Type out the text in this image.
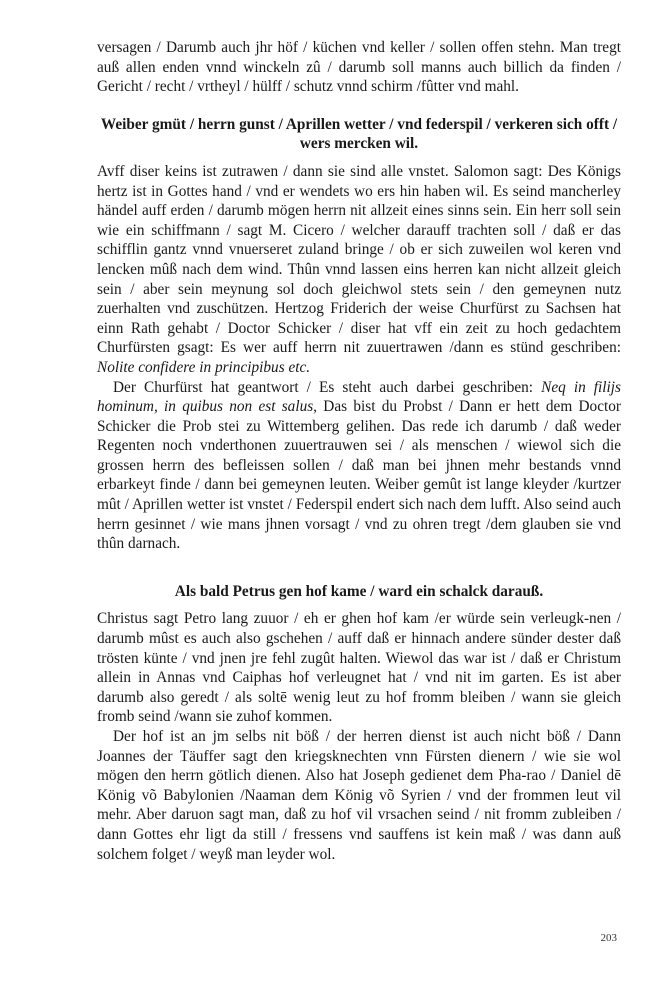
versagen / Darumb auch jhr höf / küchen vnd keller / sollen offen stehn. Man tregt auß allen enden vnnd winckeln zû / darumb soll manns auch billich da finden / Gericht / recht / vrtheyl / hülff / schutz vnnd schirm /fûtter vnd mahl.

Weiber gmüt / herrn gunst / Aprillen wetter / vnd federspil / verkeren sich offt / wers mercken wil.

Avff diser keins ist zutrawen / dann sie sind alle vnstet. Salomon sagt: Des Königs hertz ist in Gottes hand / vnd er wendets wo ers hin haben wil. Es seind mancherley händel auff erden / darumb mögen herrn nit allzeit eines sinns sein. Ein herr soll sein wie ein schiffmann / sagt M. Cicero / welcher darauff trachten soll / daß er das schifflin gantz vnnd vnuerseret zuland bringe / ob er sich zuweilen wol keren vnd lencken mûß nach dem wind. Thûn vnnd lassen eins herren kan nicht allzeit gleich sein / aber sein meynung sol doch gleichwol stets sein / den gemeynen nutz zuerhalten vnd zuschützen. Hertzog Friderich der weise Churfürst zu Sachsen hat einn Rath gehabt / Doctor Schicker / diser hat vff ein zeit zu hoch gedachtem Churfürsten gsagt: Es wer auff herrn nit zuuertrawen /dann es stünd geschriben: Nolite confidere in principibus etc.

Der Churfürst hat geantwort / Es steht auch darbei geschriben: Neq in filijs hominum, in quibus non est salus, Das bist du Probst / Dann er hett dem Doctor Schicker die Prob stei zu Wittemberg gelihen. Das rede ich darumb / daß weder Regenten noch vnderthonen zuuertrauwen sei / als menschen / wiewol sich die grossen herrn des befleissen sollen / daß man bei jhnen mehr bestands vnnd erbarkeyt finde / dann bei gemeynen leuten. Weiber gemût ist lange kleyder /kurtzer mût / Aprillen wetter ist vnstet / Federspil endert sich nach dem lufft. Also seind auch herrn gesinnet / wie mans jhnen vorsagt / vnd zu ohren tregt /dem glauben sie vnd thûn darnach.

Als bald Petrus gen hof kame / ward ein schalck darauß.

Christus sagt Petro lang zuuor / eh er ghen hof kam /er würde sein verleugk-nen / darumb mûst es auch also gschehen / auff daß er hinnach andere sünder dester daß trösten künte / vnd jnen jre fehl zugût halten. Wiewol das war ist / daß er Christum allein in Annas vnd Caiphas hof verleugnet hat / vnd nit im garten. Es ist aber darumb also geredt / als soltē wenig leut zu hof fromm bleiben / wann sie gleich fromb seind /wann sie zuhof kommen.

Der hof ist an jm selbs nit böß / der herren dienst ist auch nicht böß / Dann Joannes der Täuffer sagt den kriegsknechten vnn Fürsten dienern / wie sie wol mögen den herrn götlich dienen. Also hat Joseph gedienet dem Pha-rao / Daniel dē König võ Babylonien /Naaman dem König võ Syrien / vnd der frommen leut vil mehr. Aber daruon sagt man, daß zu hof vil vrsachen seind / nit fromm zubleiben / dann Gottes ehr ligt da still / fressens vnd sauffens ist kein maß / was dann auß solchem folget / weyß man leyder wol.

203
